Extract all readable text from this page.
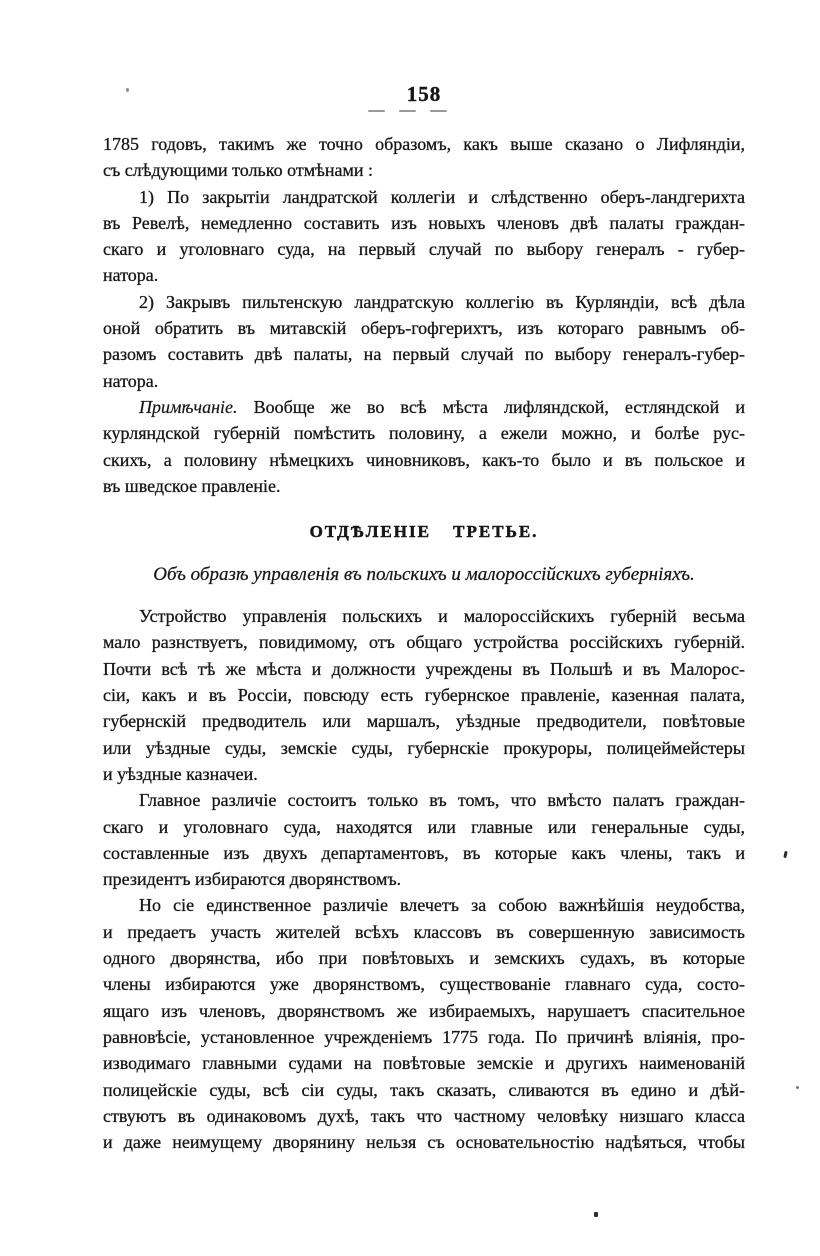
158
1785 годовъ, такимъ же точно образомъ, какъ выше сказано о Лифляндіи,
съ слѣдующими только отмѣнами :
1) По закрытіи ландратской коллегіи и слѣдственно оберъ-ландгерихта
въ Ревелѣ, немедленно составить изъ новыхъ членовъ двѣ палаты граждан-
скаго и уголовнаго суда, на первый случай по выбору генералъ - губер-
натора.
2) Закрывъ пильтенскую ландратскую коллегію въ Курляндіи, всѣ дѣла
оной обратить въ митавскій оберъ-гофгерихтъ, изъ котораго равнымъ об-
разомъ составить двѣ палаты, на первый случай по выбору генералъ-губер-
натора.
Примѣчаніе. Вообще же во всѣ мѣста лифляндской, естляндской и
курляндской губерній помѣстить половину, а ежели можно, и болѣе рус-
скихъ, а половину нѣмецкихъ чиновниковъ, какъ-то было и въ польское и
въ шведское правленіе.
ОТДѢЛЕНІЕ ТРЕТЬЕ.
Объ образѣ управленія въ польскихъ и малороссійскихъ губерніяхъ.
Устройство управленія польскихъ и малороссійскихъ губерній весьма
мало разнствуетъ, повидимому, отъ общаго устройства россійскихъ губерній.
Почти всѣ тѣ же мѣста и должности учреждены въ Польшѣ и въ Малорос-
сіи, какъ и въ Россіи, повсюду есть губернское правленіе, казенная палата,
губернскій предводитель или маршалъ, уѣздные предводители, повѣтовые
или уѣздные суды, земскіе суды, губернскіе прокуроры, полицеймейстеры
и уѣздные казначеи.
Главное различіе состоитъ только въ томъ, что вмѣсто палатъ граждан-
скаго и уголовнаго суда, находятся или главные или генеральные суды,
составленные изъ двухъ департаментовъ, въ которые какъ члены, такъ и
президентъ избираются дворянствомъ.
Но сіе единственное различіе влечетъ за собою важнѣйшія неудобства,
и предаетъ участь жителей всѣхъ классовъ въ совершенную зависимость
одного дворянства, ибо при повѣтовыхъ и земскихъ судахъ, въ которые
члены избираются уже дворянствомъ, существованіе главнаго суда, состо-
ящаго изъ членовъ, дворянствомъ же избираемыхъ, нарушаетъ спасительное
равновѣсіе, установленное учрежденіемъ 1775 года. По причинѣ вліянія, про-
изводимаго главными судами на повѣтовые земскіе и другихъ наименованій
полицейскіе суды, всѣ сіи суды, такъ сказать, сливаются въ едино и дѣй-
ствуютъ въ одинаковомъ духѣ, такъ что частному человѣку низшаго класса
и даже неимущему дворянину нельзя съ основательностію надѣяться, чтобы
